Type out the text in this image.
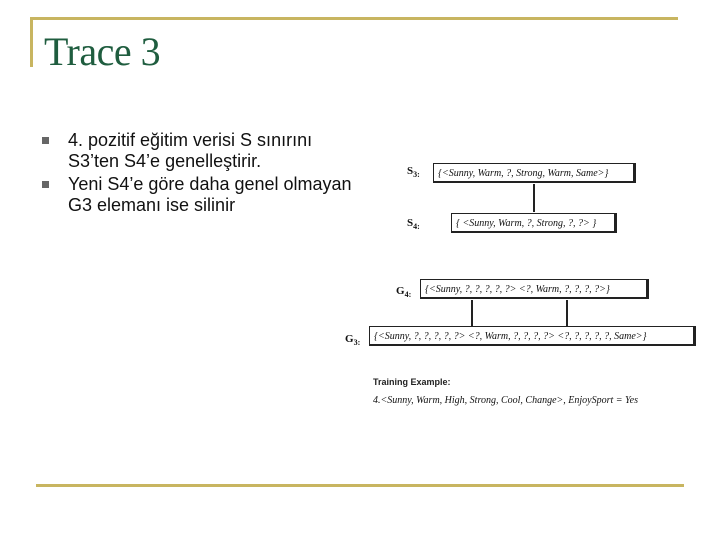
Trace 3
4. pozitif eğitim verisi S sınırını S3’ten S4’e genelleştirir.
Yeni S4’e göre daha genel olmayan G3 elemanı ise silinir
$S_{3:}$	{<Sunny, Warm, ?, Strong, Warm, Same>}
$S_{4:}$	{ <Sunny, Warm, ?, Strong, ?, ?> }
$G_{4:}$	{<Sunny, ?, ?, ?, ?, ?> <?, Warm, ?, ?, ?, ?>}
$G_{3:}$
{<Sunny, ?, ?, ?, ?, ?> <?, Warm, ?, ?, ?, ?> <?, ?, ?, ?, ?, Same>}
Training Example:
4.<Sunny, Warm, High, Strong, Cool, Change>, EnjoySport = Yes
